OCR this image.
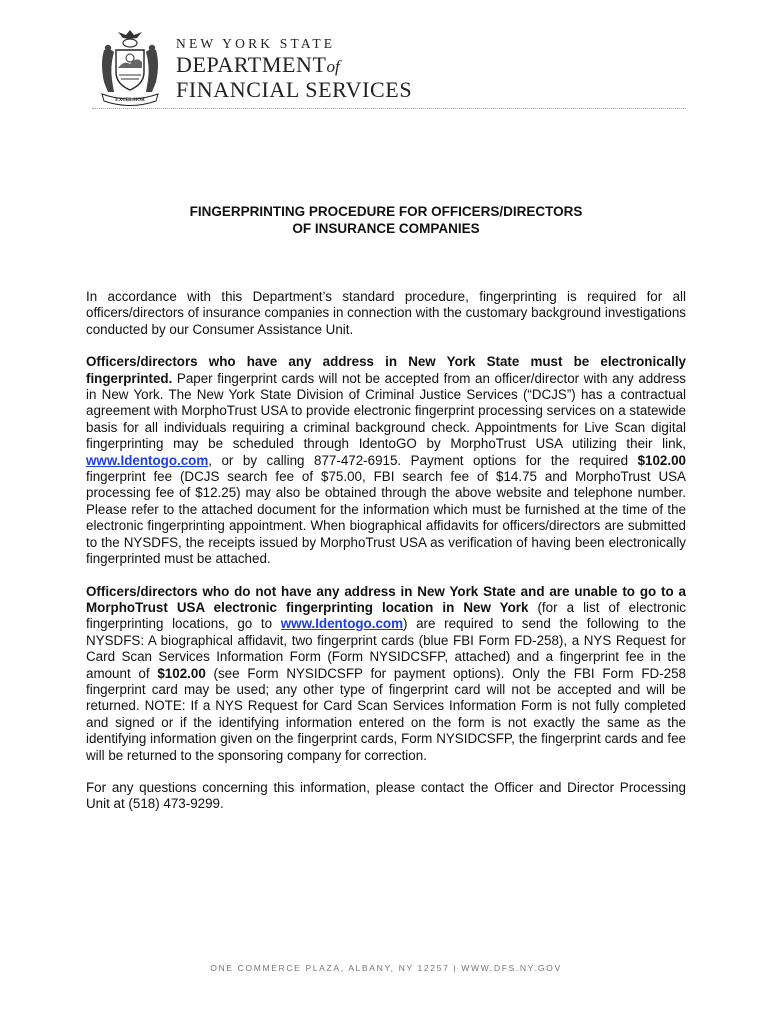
EXCELSIOR
NEW YORK STATE
DEPARTMENTof
FINANCIAL SERVICES
FINGERPRINTING PROCEDURE FOR OFFICERS/DIRECTORS
OF INSURANCE COMPANIES

In accordance with this Department’s standard procedure, fingerprinting is required for all officers/directors of insurance companies in connection with the customary background investigations conducted by our Consumer Assistance Unit.

Officers/directors who have any address in New York State must be electronically fingerprinted. Paper fingerprint cards will not be accepted from an officer/director with any address in New York. The New York State Division of Criminal Justice Services (“DCJS”) has a contractual agreement with MorphoTrust USA to provide electronic fingerprint processing services on a statewide basis for all individuals requiring a criminal background check. Appointments for Live Scan digital fingerprinting may be scheduled through IdentoGO by MorphoTrust USA utilizing their link, www.Identogo.com, or by calling 877-472-6915. Payment options for the required $102.00 fingerprint fee (DCJS search fee of $75.00, FBI search fee of $14.75 and MorphoTrust USA processing fee of $12.25) may also be obtained through the above website and telephone number. Please refer to the attached document for the information which must be furnished at the time of the electronic fingerprinting appointment. When biographical affidavits for officers/directors are submitted to the NYSDFS, the receipts issued by MorphoTrust USA as verification of having been electronically fingerprinted must be attached.

Officers/directors who do not have any address in New York State and are unable to go to a MorphoTrust USA electronic fingerprinting location in New York (for a list of electronic fingerprinting locations, go to www.Identogo.com) are required to send the following to the NYSDFS: A biographical affidavit, two fingerprint cards (blue FBI Form FD-258), a NYS Request for Card Scan Services Information Form (Form NYSIDCSFP, attached) and a fingerprint fee in the amount of $102.00 (see Form NYSIDCSFP for payment options). Only the FBI Form FD-258 fingerprint card may be used; any other type of fingerprint card will not be accepted and will be returned. NOTE: If a NYS Request for Card Scan Services Information Form is not fully completed and signed or if the identifying information entered on the form is not exactly the same as the identifying information given on the fingerprint cards, Form NYSIDCSFP, the fingerprint cards and fee will be returned to the sponsoring company for correction.

For any questions concerning this information, please contact the Officer and Director Processing Unit at (518) 473-9299.

ONE COMMERCE PLAZA, ALBANY, NY 12257 | WWW.DFS.NY.GOV
